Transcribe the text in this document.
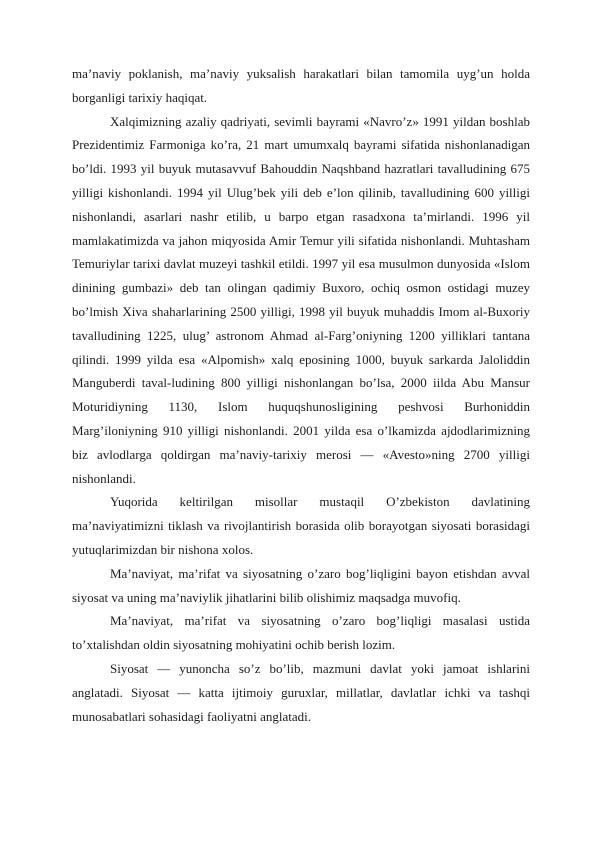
ma’naviy poklanish, ma’naviy yuksalish harakatlari bilan tamomila uyg’un holda borganligi tarixiy haqiqat.

Xalqimizning azaliy qadriyati, sevimli bayrami «Navro’z» 1991 yildan boshlab Prezidentimiz Farmoniga ko’ra, 21 mart umumxalq bayrami sifatida nishonlanadigan bo’ldi. 1993 yil buyuk mutasavvuf Bahouddin Naqshband hazratlari tavalludining 675 yilligi kishonlandi. 1994 yil Ulug’bek yili deb e’lon qilinib, tavalludining 600 yilligi nishonlandi, asarlari nashr etilib, u barpo etgan rasadxona ta’mirlandi. 1996 yil mamlakatimizda va jahon miqyosida Amir Temur yili sifatida nishonlandi. Muhtasham Temuriylar tarixi davlat muzeyi tashkil etildi. 1997 yil esa musulmon dunyosida «Islom dinining gumbazi» deb tan olingan qadimiy Buxoro, ochiq osmon ostidagi muzey bo’lmish Xiva shaharlarining 2500 yilligi, 1998 yil buyuk muhaddis Imom al-Buxoriy tavalludining 1225, ulug’ astronom Ahmad al-Farg’oniyning 1200 yilliklari tantana qilindi. 1999 yilda esa «Alpomish» xalq eposining 1000, buyuk sarkarda Jaloliddin Manguberdi taval-ludining 800 yilligi nishonlangan bo’lsa, 2000 iilda Abu Mansur Moturidiyning 1130, Islom huquqshunosligining peshvosi Burhoniddin Marg’iloniyning 910 yilligi nishonlandi. 2001 yilda esa o’lkamizda ajdodlarimizning biz avlodlarga qoldirgan ma’naviy-tarixiy merosi — «Avesto»ning 2700 yilligi nishonlandi.

Yuqorida keltirilgan misollar mustaqil O’zbekiston davlatining ma’naviyatimizni tiklash va rivojlantirish borasida olib borayotgan siyosati borasidagi yutuqlarimizdan bir nishona xolos.

Ma’naviyat, ma’rifat va siyosatning o’zaro bog’liqligini bayon etishdan avval siyosat va uning ma’naviylik jihatlarini bilib olishimiz maqsadga muvofiq.

Ma’naviyat, ma’rifat va siyosatning o’zaro bog’liqligi masalasi ustida to’xtalishdan oldin siyosatning mohiyatini ochib berish lozim.

Siyosat — yunoncha so’z bo’lib, mazmuni davlat yoki jamoat ishlarini anglatadi. Siyosat — katta ijtimoiy guruxlar, millatlar, davlatlar ichki va tashqi munosabatlari sohasidagi faoliyatni anglatadi.
